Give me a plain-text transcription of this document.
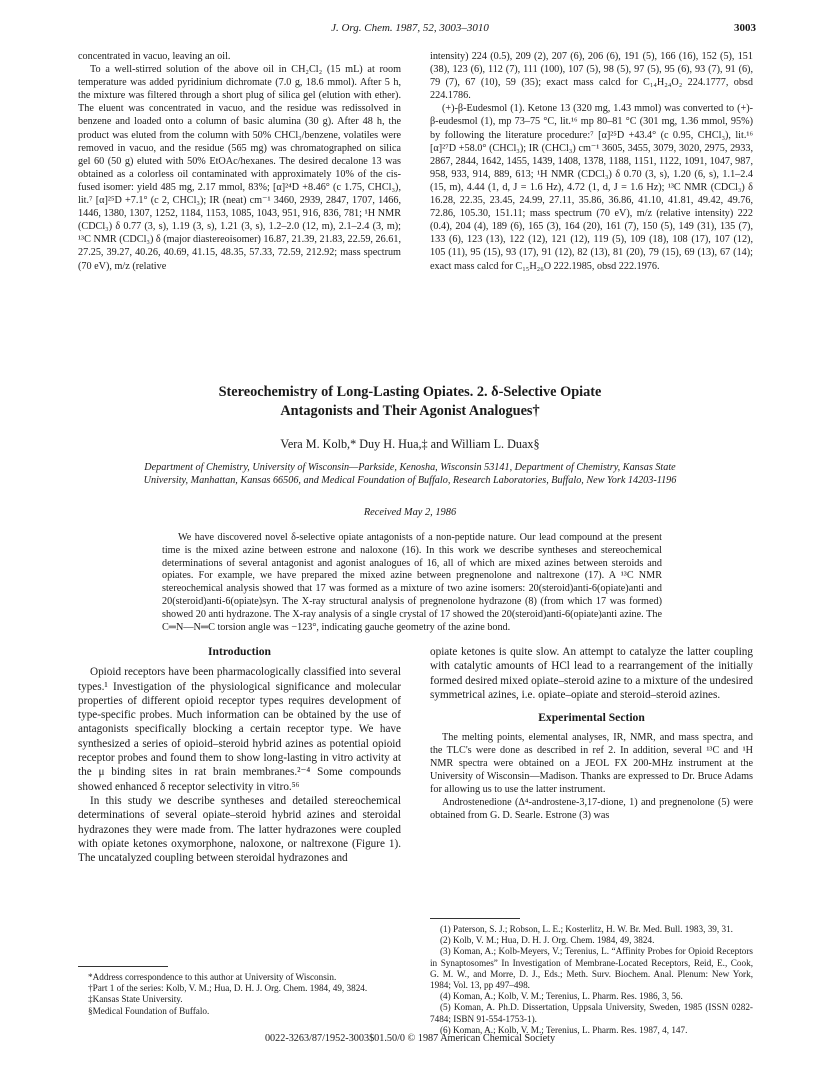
J. Org. Chem. 1987, 52, 3003–3010	3003

concentrated in vacuo, leaving an oil.

To a well-stirred solution of the above oil in CH₂Cl₂ (15 mL) at room temperature was added pyridinium dichromate (7.0 g, 18.6 mmol). After 5 h, the mixture was filtered through a short plug of silica gel (elution with ether). The eluent was concentrated in vacuo, and the residue was redissolved in benzene and loaded onto a column of basic alumina (30 g). After 48 h, the product was eluted from the column with 50% CHCl₃/benzene, volatiles were removed in vacuo, and the residue (565 mg) was chromatographed on silica gel 60 (50 g) eluted with 50% EtOAc/hexanes. The desired decalone 13 was obtained as a colorless oil contaminated with approximately 10% of the cis-fused isomer: yield 485 mg, 2.17 mmol, 83%; [α]²⁴D +8.46° (c 1.75, CHCl₃), lit.⁷ [α]²⁵D +7.1° (c 2, CHCl₃); IR (neat) cm⁻¹ 3460, 2939, 2847, 1707, 1466, 1446, 1380, 1307, 1252, 1184, 1153, 1085, 1043, 951, 916, 836, 781; ¹H NMR (CDCl₃) δ 0.77 (3, s), 1.19 (3, s), 1.21 (3, s), 1.2–2.0 (12, m), 2.1–2.4 (3, m); ¹³C NMR (CDCl₃) δ (major diastereoisomer) 16.87, 21.39, 21.83, 22.59, 26.61, 27.25, 39.27, 40.26, 40.69, 41.15, 48.35, 57.33, 72.59, 212.92; mass spectrum (70 eV), m/z (relative

intensity) 224 (0.5), 209 (2), 207 (6), 206 (6), 191 (5), 166 (16), 152 (5), 151 (38), 123 (6), 112 (7), 111 (100), 107 (5), 98 (5), 97 (5), 95 (6), 93 (7), 91 (6), 79 (7), 67 (10), 59 (35); exact mass calcd for C₁₄H₂₄O₂ 224.1777, obsd 224.1786.

(+)-β-Eudesmol (1). Ketone 13 (320 mg, 1.43 mmol) was converted to (+)-β-eudesmol (1), mp 73–75 °C, lit.¹⁶ mp 80–81 °C (301 mg, 1.36 mmol, 95%) by following the literature procedure:⁷ [α]²⁵D +43.4° (c 0.95, CHCl₃), lit.¹⁶ [α]²⁷D +58.0° (CHCl₃); IR (CHCl₃) cm⁻¹ 3605, 3455, 3079, 3020, 2975, 2933, 2867, 2844, 1642, 1455, 1439, 1408, 1378, 1188, 1151, 1122, 1091, 1047, 987, 958, 933, 914, 889, 613; ¹H NMR (CDCl₃) δ 0.70 (3, s), 1.20 (6, s), 1.1–2.4 (15, m), 4.44 (1, d, J = 1.6 Hz), 4.72 (1, d, J = 1.6 Hz); ¹³C NMR (CDCl₃) δ 16.28, 22.35, 23.45, 24.99, 27.11, 35.86, 36.86, 41.10, 41.81, 49.42, 49.76, 72.86, 105.30, 151.11; mass spectrum (70 eV), m/z (relative intensity) 222 (0.4), 204 (4), 189 (6), 165 (3), 164 (20), 161 (7), 150 (5), 149 (31), 135 (7), 133 (6), 123 (13), 122 (12), 121 (12), 119 (5), 109 (18), 108 (17), 107 (12), 105 (11), 95 (15), 93 (17), 91 (12), 82 (13), 81 (20), 79 (15), 69 (13), 67 (14); exact mass calcd for C₁₅H₂₆O 222.1985, obsd 222.1976.

Stereochemistry of Long-Lasting Opiates. 2. δ-Selective Opiate
Antagonists and Their Agonist Analogues†
Vera M. Kolb,* Duy H. Hua,‡ and William L. Duax§
Department of Chemistry, University of Wisconsin—Parkside, Kenosha, Wisconsin 53141, Department of Chemistry, Kansas State University, Manhattan, Kansas 66506, and Medical Foundation of Buffalo, Research Laboratories, Buffalo, New York 14203-1196
Received May 2, 1986
We have discovered novel δ-selective opiate antagonists of a non-peptide nature. Our lead compound at the present time is the mixed azine between estrone and naloxone (16). In this work we describe syntheses and stereochemical determinations of several antagonist and agonist analogues of 16, all of which are mixed azines between steroids and opiates. For example, we have prepared the mixed azine between pregnenolone and naltrexone (17). A ¹³C NMR stereochemical analysis showed that 17 was formed as a mixture of two azine isomers: 20(steroid)anti-6(opiate)anti and 20(steroid)anti-6(opiate)syn. The X-ray structural analysis of pregnenolone hydrazone (8) (from which 17 was formed) showed 20 anti hydrazone. The X-ray analysis of a single crystal of 17 showed the 20(steroid)anti-6(opiate)anti azine. The C═N—N═C torsion angle was −123°, indicating gauche geometry of the azine bond.
Introduction

Opioid receptors have been pharmacologically classified into several types.¹ Investigation of the physiological significance and molecular properties of different opioid receptor types requires development of type-specific probes. Much information can be obtained by the use of antagonists specifically blocking a certain receptor type. We have synthesized a series of opioid–steroid hybrid azines as potential opioid receptor probes and found them to show long-lasting in vitro activity at the μ binding sites in rat brain membranes.²⁻⁴ Some compounds showed enhanced δ receptor selectivity in vitro.⁵⁶

In this study we describe syntheses and detailed stereochemical determinations of several opiate–steroid hybrid azines and steroidal hydrazones they were made from. The latter hydrazones were coupled with opiate ketones oxymorphone, naloxone, or naltrexone (Figure 1). The uncatalyzed coupling between steroidal hydrazones and

opiate ketones is quite slow. An attempt to catalyze the latter coupling with catalytic amounts of HCl lead to a rearrangement of the initially formed desired mixed opiate–steroid azine to a mixture of the undesired symmetrical azines, i.e. opiate–opiate and steroid–steroid azines.

Experimental Section

The melting points, elemental analyses, IR, NMR, and mass spectra, and the TLC's were done as described in ref 2. In addition, several ¹³C and ¹H NMR spectra were obtained on a JEOL FX 200-MHz instrument at the University of Wisconsin—Madison. Thanks are expressed to Dr. Bruce Adams for allowing us to use the latter instrument.

Androstenedione (Δ⁴-androstene-3,17-dione, 1) and pregnenolone (5) were obtained from G. D. Searle. Estrone (3) was

*Address correspondence to this author at University of Wisconsin.

†Part 1 of the series: Kolb, V. M.; Hua, D. H. J. Org. Chem. 1984, 49, 3824.

‡Kansas State University.

§Medical Foundation of Buffalo.

(1) Paterson, S. J.; Robson, L. E.; Kosterlitz, H. W. Br. Med. Bull. 1983, 39, 31.

(2) Kolb, V. M.; Hua, D. H. J. Org. Chem. 1984, 49, 3824.

(3) Koman, A.; Kolb-Meyers, V.; Terenius, L. “Affinity Probes for Opioid Receptors in Synaptosomes” In Investigation of Membrane-Located Receptors, Reid, E., Cook, G. M. W., and Morre, D. J., Eds.; Meth. Surv. Biochem. Anal. Plenum: New York, 1984; Vol. 13, pp 497–498.

(4) Koman, A.; Kolb, V. M.; Terenius, L. Pharm. Res. 1986, 3, 56.

(5) Koman, A. Ph.D. Dissertation, Uppsala University, Sweden, 1985 (ISSN 0282-7484; ISBN 91-554-1753-1).

(6) Koman, A.; Kolb, V. M.; Terenius, L. Pharm. Res. 1987, 4, 147.

0022-3263/87/1952-3003$01.50/0 © 1987 American Chemical Society
